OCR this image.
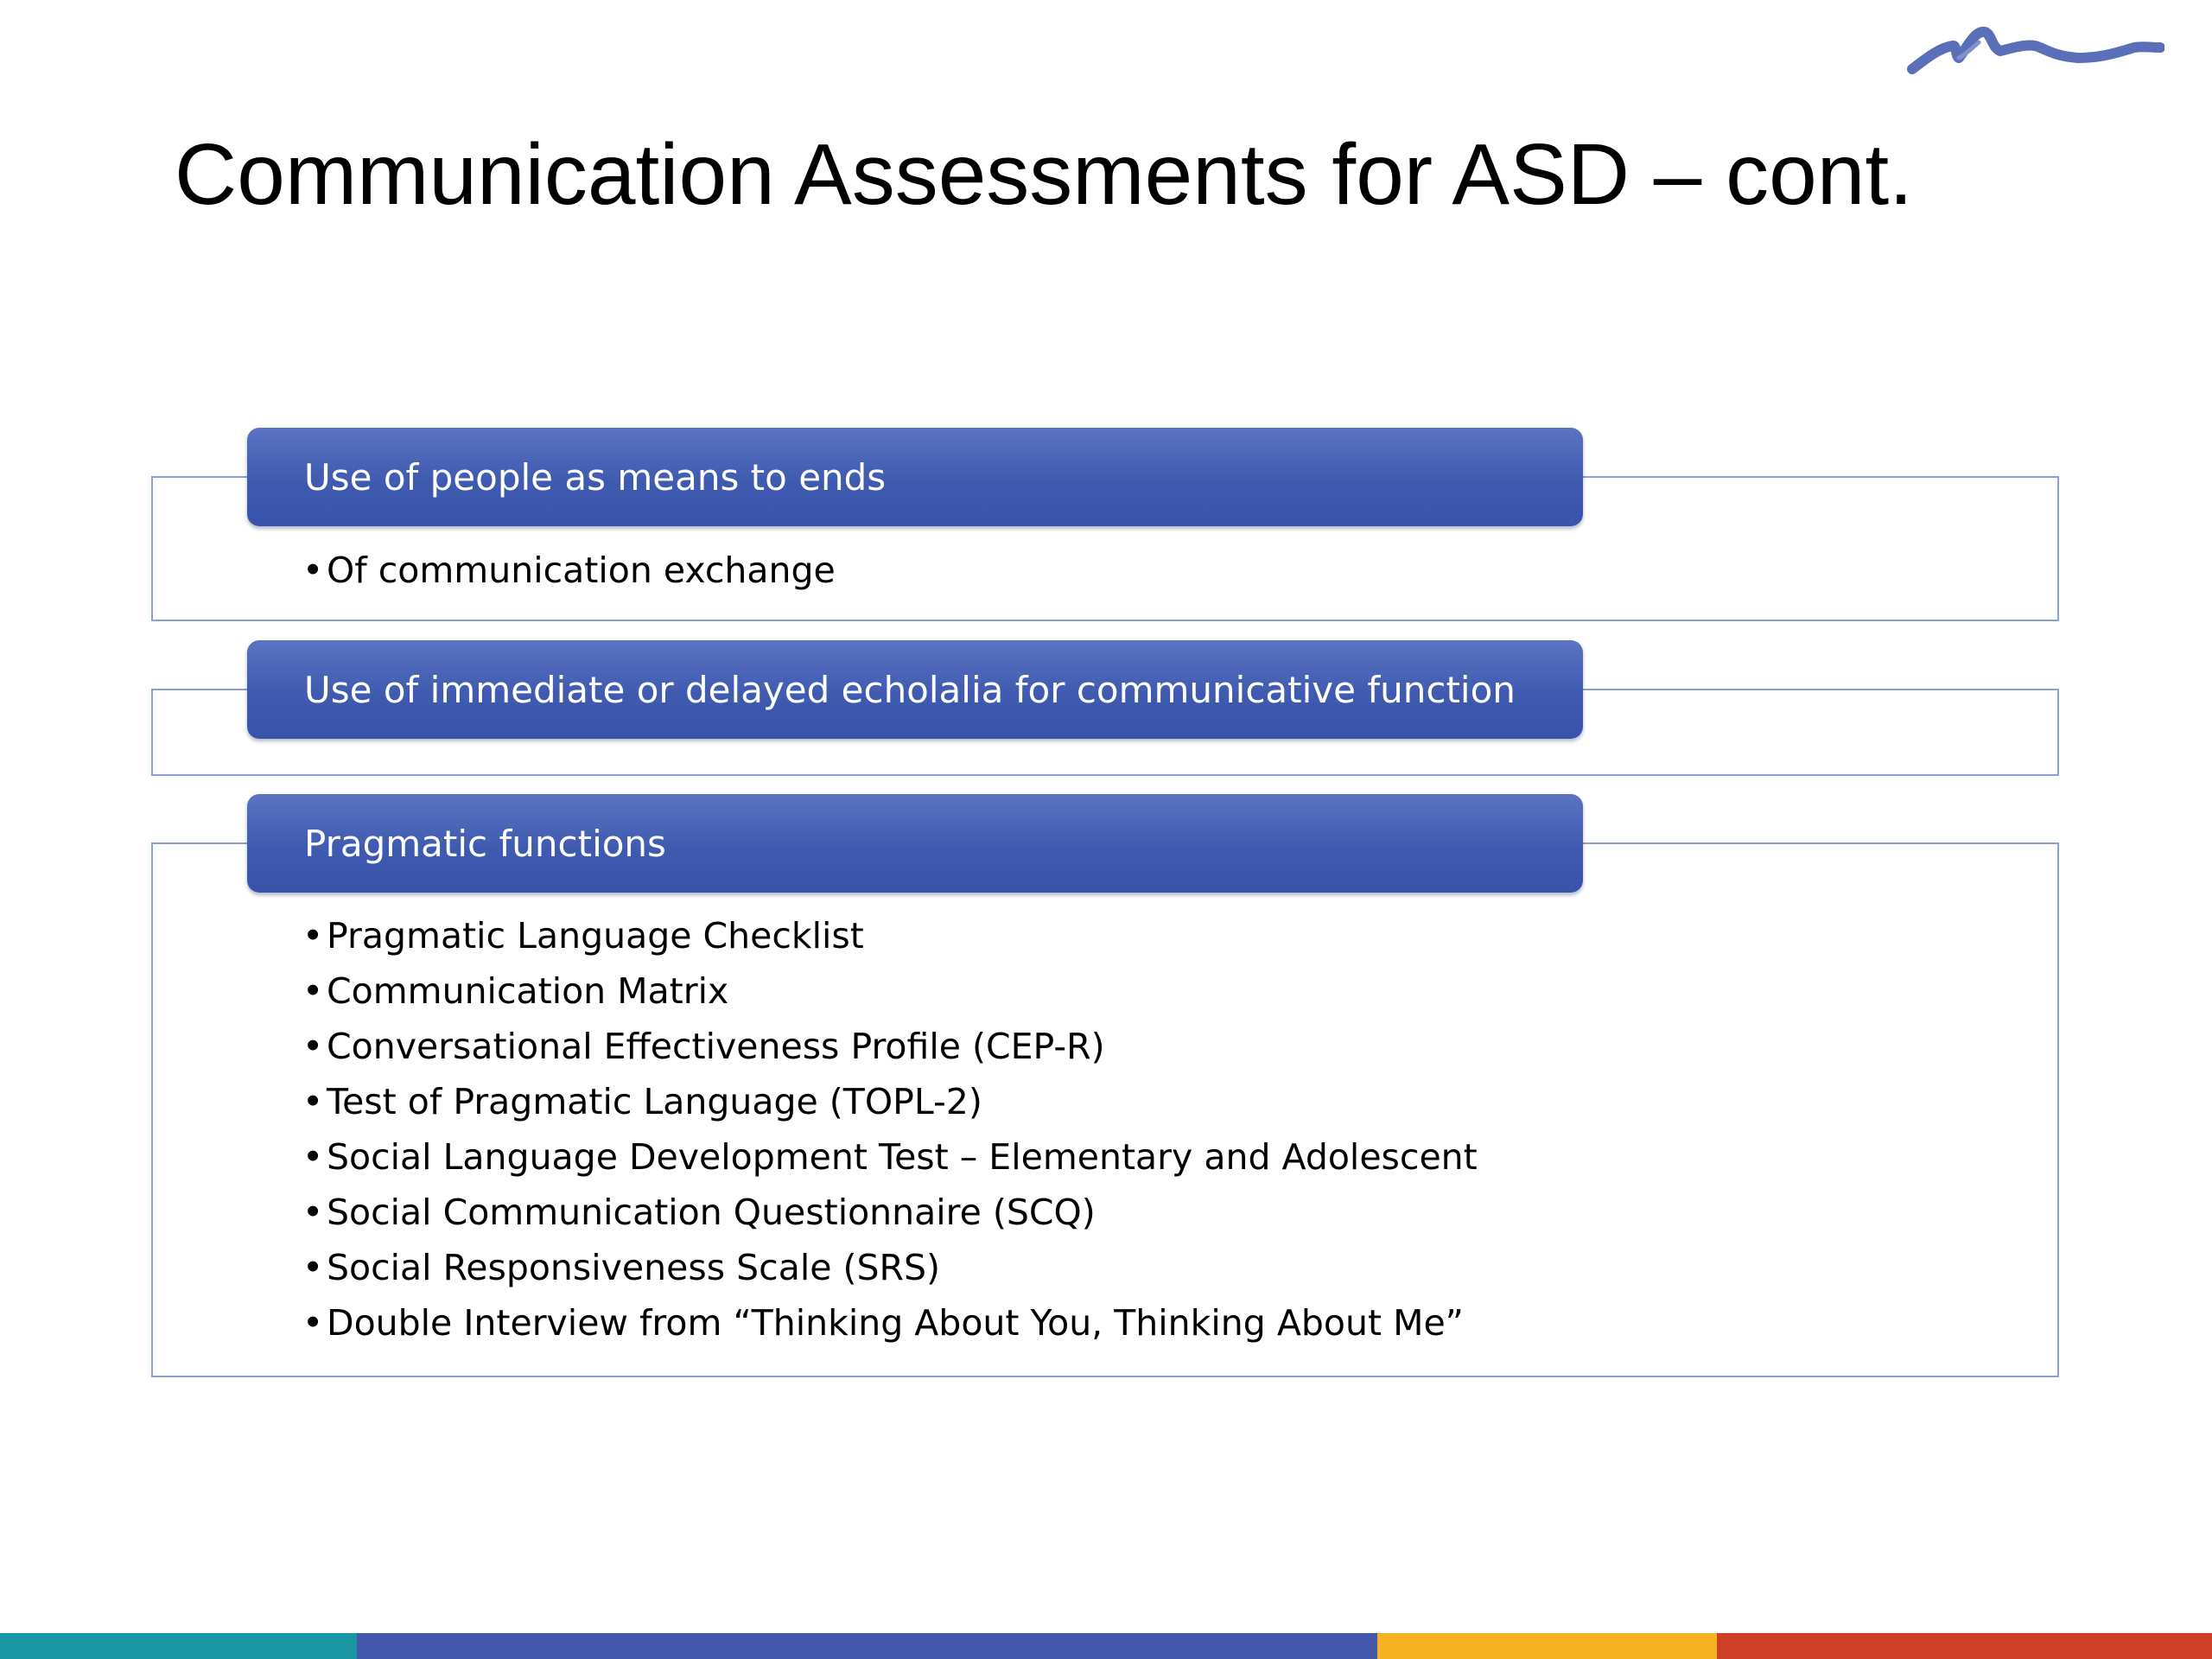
Communication Assessments for ASD – cont.
Use of people as means to ends
•Of communication exchange
Use of immediate or delayed echolalia for communicative function
Pragmatic functions
•Pragmatic Language Checklist
•Communication Matrix
•Conversational Effectiveness Profile (CEP-R)
•Test of Pragmatic Language (TOPL-2)
•Social Language Development Test – Elementary and Adolescent
•Social Communication Questionnaire (SCQ)
•Social Responsiveness Scale (SRS)
•Double Interview from “Thinking About You, Thinking About Me”
